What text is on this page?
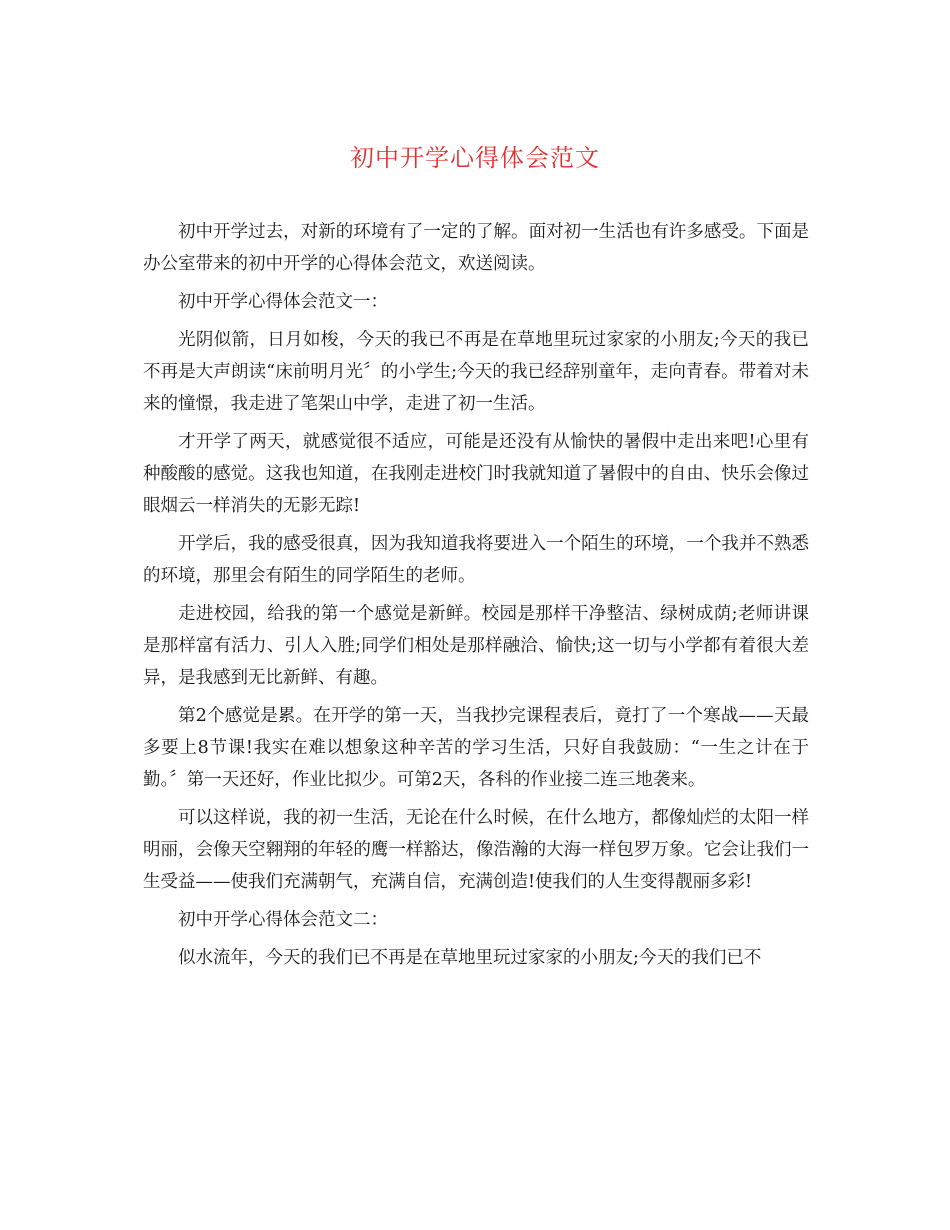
初中开学心得体会范文

初中开学过去，对新的环境有了一定的了解。面对初一生活也有许多感受。下面是办公室带来的初中开学的心得体会范文，欢送阅读。

初中开学心得体会范文一：

光阴似箭，日月如梭，今天的我已不再是在草地里玩过家家的小朋友;今天的我已不再是大声朗读“床前明月光〞的小学生;今天的我已经辞别童年，走向青春。带着对未来的憧憬，我走进了笔架山中学，走进了初一生活。

才开学了两天，就感觉很不适应，可能是还没有从愉快的暑假中走出来吧!心里有种酸酸的感觉。这我也知道，在我刚走进校门时我就知道了暑假中的自由、快乐会像过眼烟云一样消失的无影无踪!

开学后，我的感受很真，因为我知道我将要进入一个陌生的环境，一个我并不熟悉的环境，那里会有陌生的同学陌生的老师。

走进校园，给我的第一个感觉是新鲜。校园是那样干净整洁、绿树成荫;老师讲课是那样富有活力、引人入胜;同学们相处是那样融洽、愉快;这一切与小学都有着很大差异，是我感到无比新鲜、有趣。

第2个感觉是累。在开学的第一天，当我抄完课程表后，竟打了一个寒战——天最多要上8节课!我实在难以想象这种辛苦的学习生活，只好自我鼓励：“一生之计在于勤。〞第一天还好，作业比拟少。可第2天，各科的作业接二连三地袭来。

可以这样说，我的初一生活，无论在什么时候，在什么地方，都像灿烂的太阳一样明丽，会像天空翱翔的年轻的鹰一样豁达，像浩瀚的大海一样包罗万象。它会让我们一生受益——使我们充满朝气，充满自信，充满创造!使我们的人生变得靓丽多彩!

初中开学心得体会范文二：

似水流年，今天的我们已不再是在草地里玩过家家的小朋友;今天的我们已不
